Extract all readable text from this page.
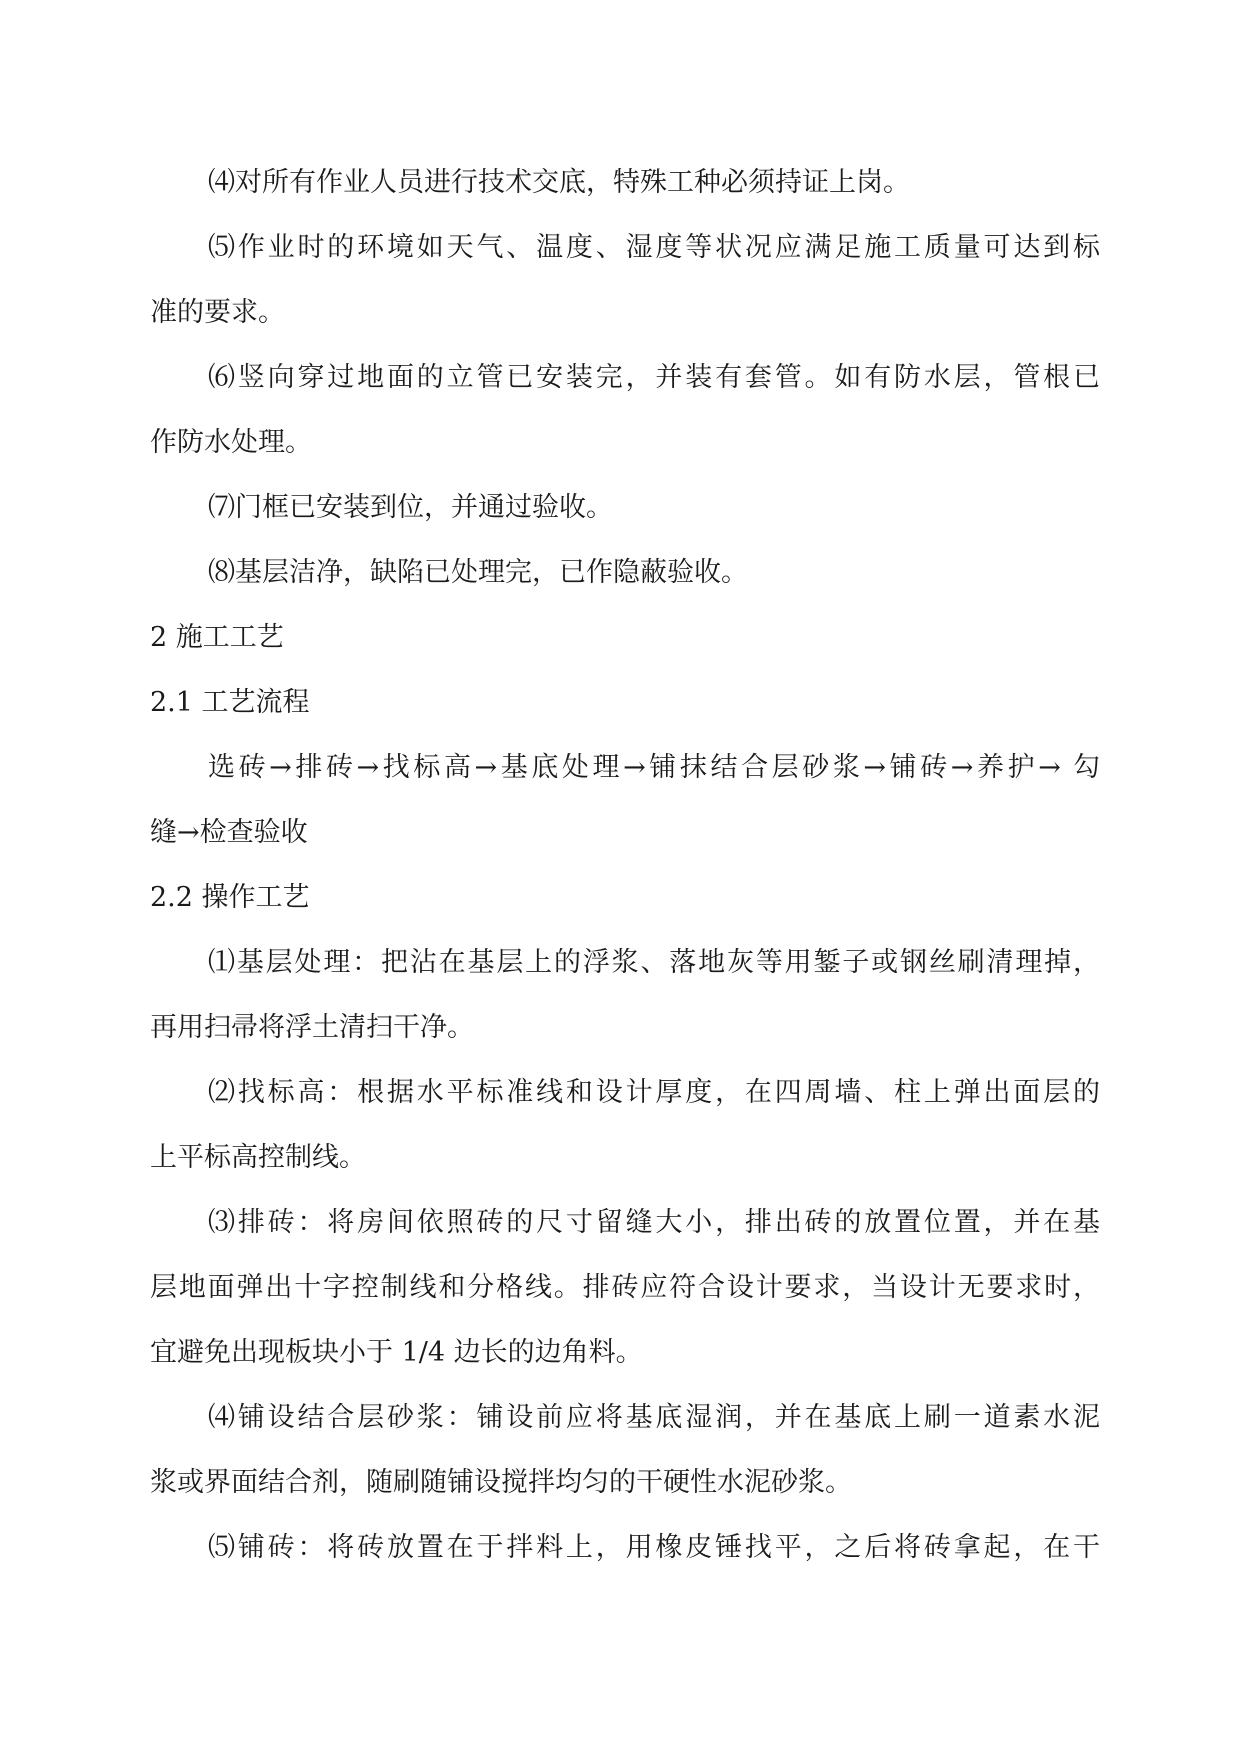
⑷对所有作业人员进行技术交底，特殊工种必须持证上岗。
⑸作业时的环境如天气、温度、湿度等状况应满足施工质量可达到标
准的要求。
⑹竖向穿过地面的立管已安装完，并装有套管。如有防水层，管根已
作防水处理。
⑺门框已安装到位，并通过验收。
⑻基层洁净，缺陷已处理完，已作隐蔽验收。
2 施工工艺
2.1 工艺流程
选砖→排砖→找标高→基底处理→铺抹结合层砂浆→铺砖→养护→ 勾
缝→检查验收
2.2 操作工艺
⑴基层处理：把沾在基层上的浮浆、落地灰等用錾子或钢丝刷清理掉，
再用扫帚将浮土清扫干净。
⑵找标高：根据水平标准线和设计厚度，在四周墙、柱上弹出面层的
上平标高控制线。
⑶排砖：将房间依照砖的尺寸留缝大小，排出砖的放置位置，并在基
层地面弹出十字控制线和分格线。排砖应符合设计要求，当设计无要求时，
宜避免出现板块小于 1/4 边长的边角料。
⑷铺设结合层砂浆：铺设前应将基底湿润，并在基底上刷一道素水泥
浆或界面结合剂，随刷随铺设搅拌均匀的干硬性水泥砂浆。
⑸铺砖：将砖放置在于拌料上，用橡皮锤找平，之后将砖拿起，在干
